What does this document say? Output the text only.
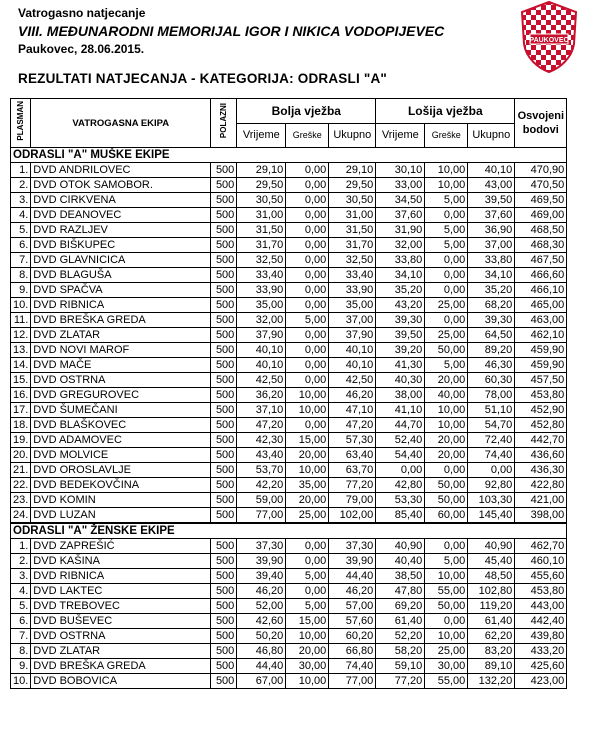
Vatrogasno natjecanje
VIII. MEĐUNARODNI MEMORIJAL IGOR I NIKICA VODOPIJEVEC
Paukovec, 28.06.2015.
REZULTATI NATJECANJA - KATEGORIJA: ODRASLI "A"
PAUKOVEC
PLASMAN	VATROGASNA EKIPA	POLAZNI	Bolja vježba			Lošija vježba			Osvojeni bodovi
			Vrijeme	Greške	Ukupno	Vrijeme	Greške	Ukupno	
ODRASLI "A" MUŠKE EKIPE									
1.	DVD ANDRILOVEC	500	29,10	0,00	29,10	30,10	10,00	40,10	470,90
2.	DVD OTOK SAMOBOR.	500	29,50	0,00	29,50	33,00	10,00	43,00	470,50
3.	DVD CIRKVENA	500	30,50	0,00	30,50	34,50	5,00	39,50	469,50
4.	DVD DEANOVEC	500	31,00	0,00	31,00	37,60	0,00	37,60	469,00
5.	DVD RAZLJEV	500	31,50	0,00	31,50	31,90	5,00	36,90	468,50
6.	DVD BIŠKUPEC	500	31,70	0,00	31,70	32,00	5,00	37,00	468,30
7.	DVD GLAVNICICA	500	32,50	0,00	32,50	33,80	0,00	33,80	467,50
8.	DVD BLAGUŠA	500	33,40	0,00	33,40	34,10	0,00	34,10	466,60
9.	DVD SPAČVA	500	33,90	0,00	33,90	35,20	0,00	35,20	466,10
10.	DVD RIBNICA	500	35,00	0,00	35,00	43,20	25,00	68,20	465,00
11.	DVD BREŠKA GREDA	500	32,00	5,00	37,00	39,30	0,00	39,30	463,00
12.	DVD ZLATAR	500	37,90	0,00	37,90	39,50	25,00	64,50	462,10
13.	DVD NOVI MAROF	500	40,10	0,00	40,10	39,20	50,00	89,20	459,90
14.	DVD MAČE	500	40,10	0,00	40,10	41,30	5,00	46,30	459,90
15.	DVD OSTRNA	500	42,50	0,00	42,50	40,30	20,00	60,30	457,50
16.	DVD GREGUROVEC	500	36,20	10,00	46,20	38,00	40,00	78,00	453,80
17.	DVD ŠUMEČANI	500	37,10	10,00	47,10	41,10	10,00	51,10	452,90
18.	DVD BLAŠKOVEC	500	47,20	0,00	47,20	44,70	10,00	54,70	452,80
19.	DVD ADAMOVEC	500	42,30	15,00	57,30	52,40	20,00	72,40	442,70
20.	DVD MOLVICE	500	43,40	20,00	63,40	54,40	20,00	74,40	436,60
21.	DVD OROSLAVLJE	500	53,70	10,00	63,70	0,00	0,00	0,00	436,30
22.	DVD BEDEKOVČINA	500	42,20	35,00	77,20	42,80	50,00	92,80	422,80
23.	DVD KOMIN	500	59,00	20,00	79,00	53,30	50,00	103,30	421,00
24.	DVD LUZAN	500	77,00	25,00	102,00	85,40	60,00	145,40	398,00
ODRASLI "A" ŽENSKE EKIPE									
1.	DVD ZAPREŠIĆ	500	37,30	0,00	37,30	40,90	0,00	40,90	462,70
2.	DVD KAŠINA	500	39,90	0,00	39,90	40,40	5,00	45,40	460,10
3.	DVD RIBNICA	500	39,40	5,00	44,40	38,50	10,00	48,50	455,60
4.	DVD LAKTEC	500	46,20	0,00	46,20	47,80	55,00	102,80	453,80
5.	DVD TREBOVEC	500	52,00	5,00	57,00	69,20	50,00	119,20	443,00
6.	DVD BUŠEVEC	500	42,60	15,00	57,60	61,40	0,00	61,40	442,40
7.	DVD OSTRNA	500	50,20	10,00	60,20	52,20	10,00	62,20	439,80
8.	DVD ZLATAR	500	46,80	20,00	66,80	58,20	25,00	83,20	433,20
9.	DVD BREŠKA GREDA	500	44,40	30,00	74,40	59,10	30,00	89,10	425,60
10.	DVD BOBOVICA	500	67,00	10,00	77,00	77,20	55,00	132,20	423,00
